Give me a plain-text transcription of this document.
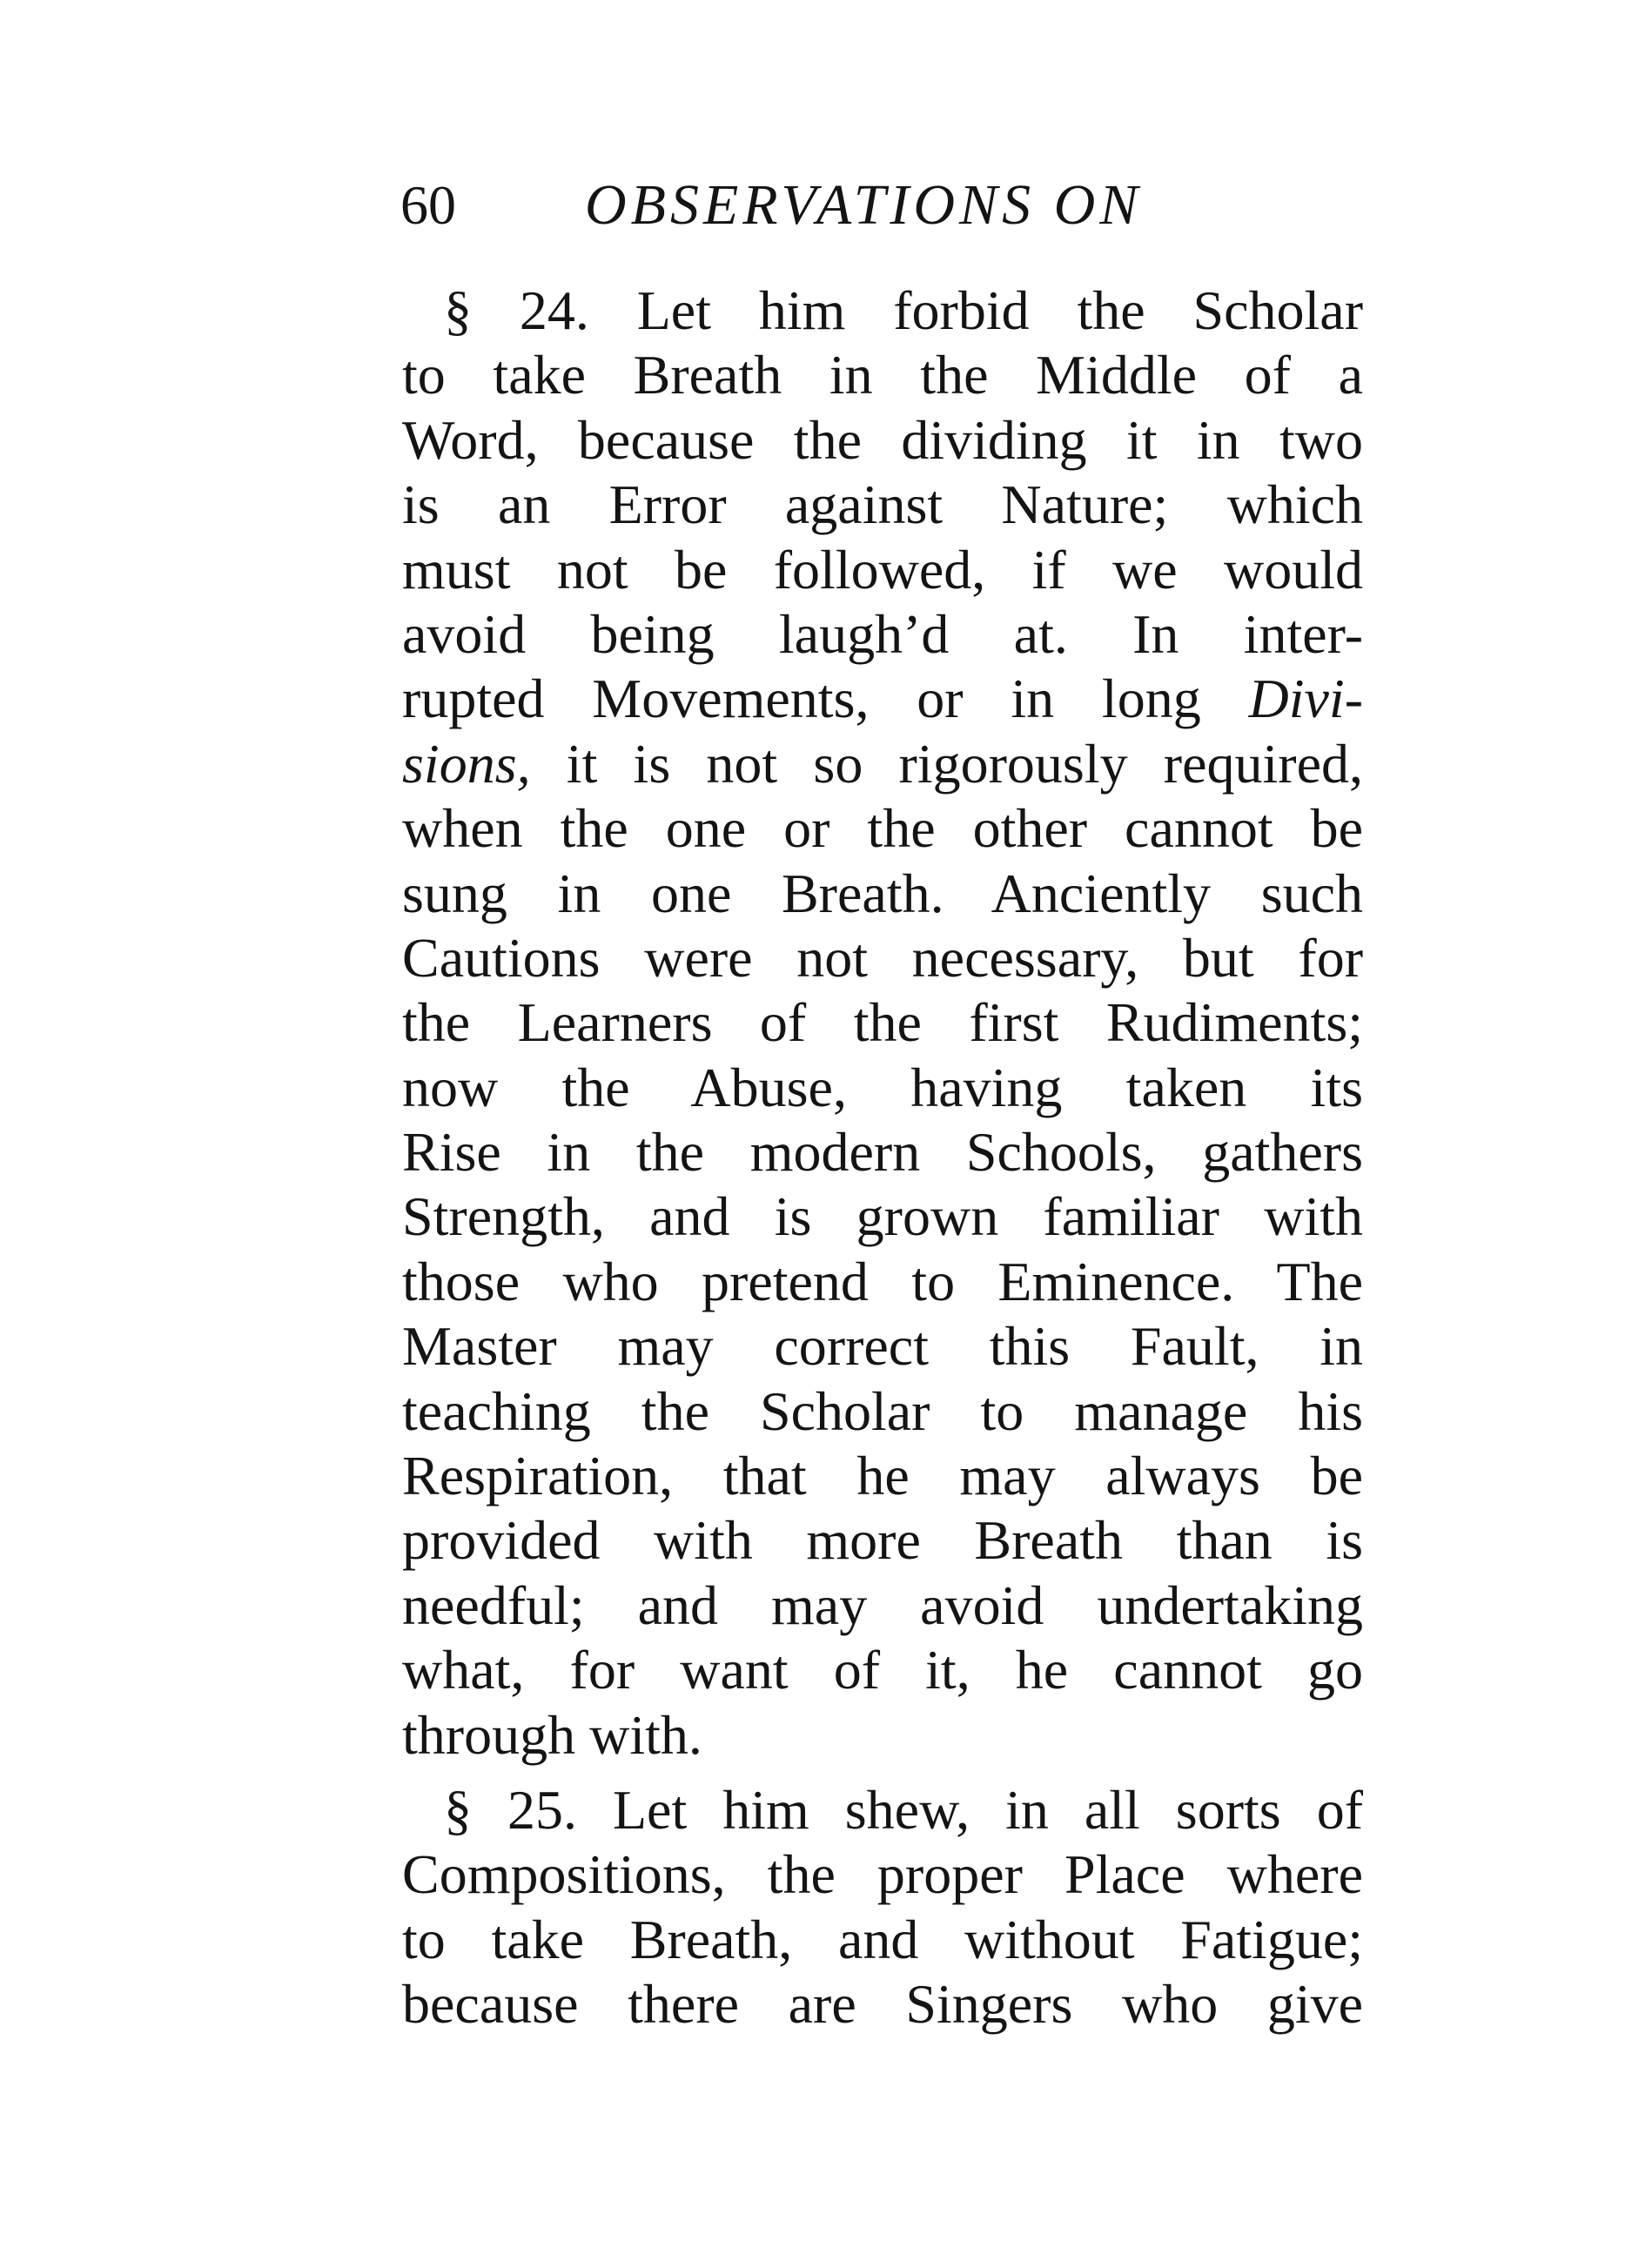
60 OBSERVATIONS ON
§ 24. Let him forbid the Scholar
to take Breath in the Middle of a
Word, because the dividing it in two
is an Error against Nature; which
must not be followed, if we would
avoid being laugh’d at. In inter-
rupted Movements, or in long Divi-
sions, it is not so rigorously required,
when the one or the other cannot be
sung in one Breath. Anciently such
Cautions were not necessary, but for
the Learners of the first Rudiments;
now the Abuse, having taken its
Rise in the modern Schools, gathers
Strength, and is grown familiar with
those who pretend to Eminence. The
Master may correct this Fault, in
teaching the Scholar to manage his
Respiration, that he may always be
provided with more Breath than is
needful; and may avoid undertaking
what, for want of it, he cannot go
through with.
§ 25. Let him shew, in all sorts of
Compositions, the proper Place where
to take Breath, and without Fatigue;
because there are Singers who give
